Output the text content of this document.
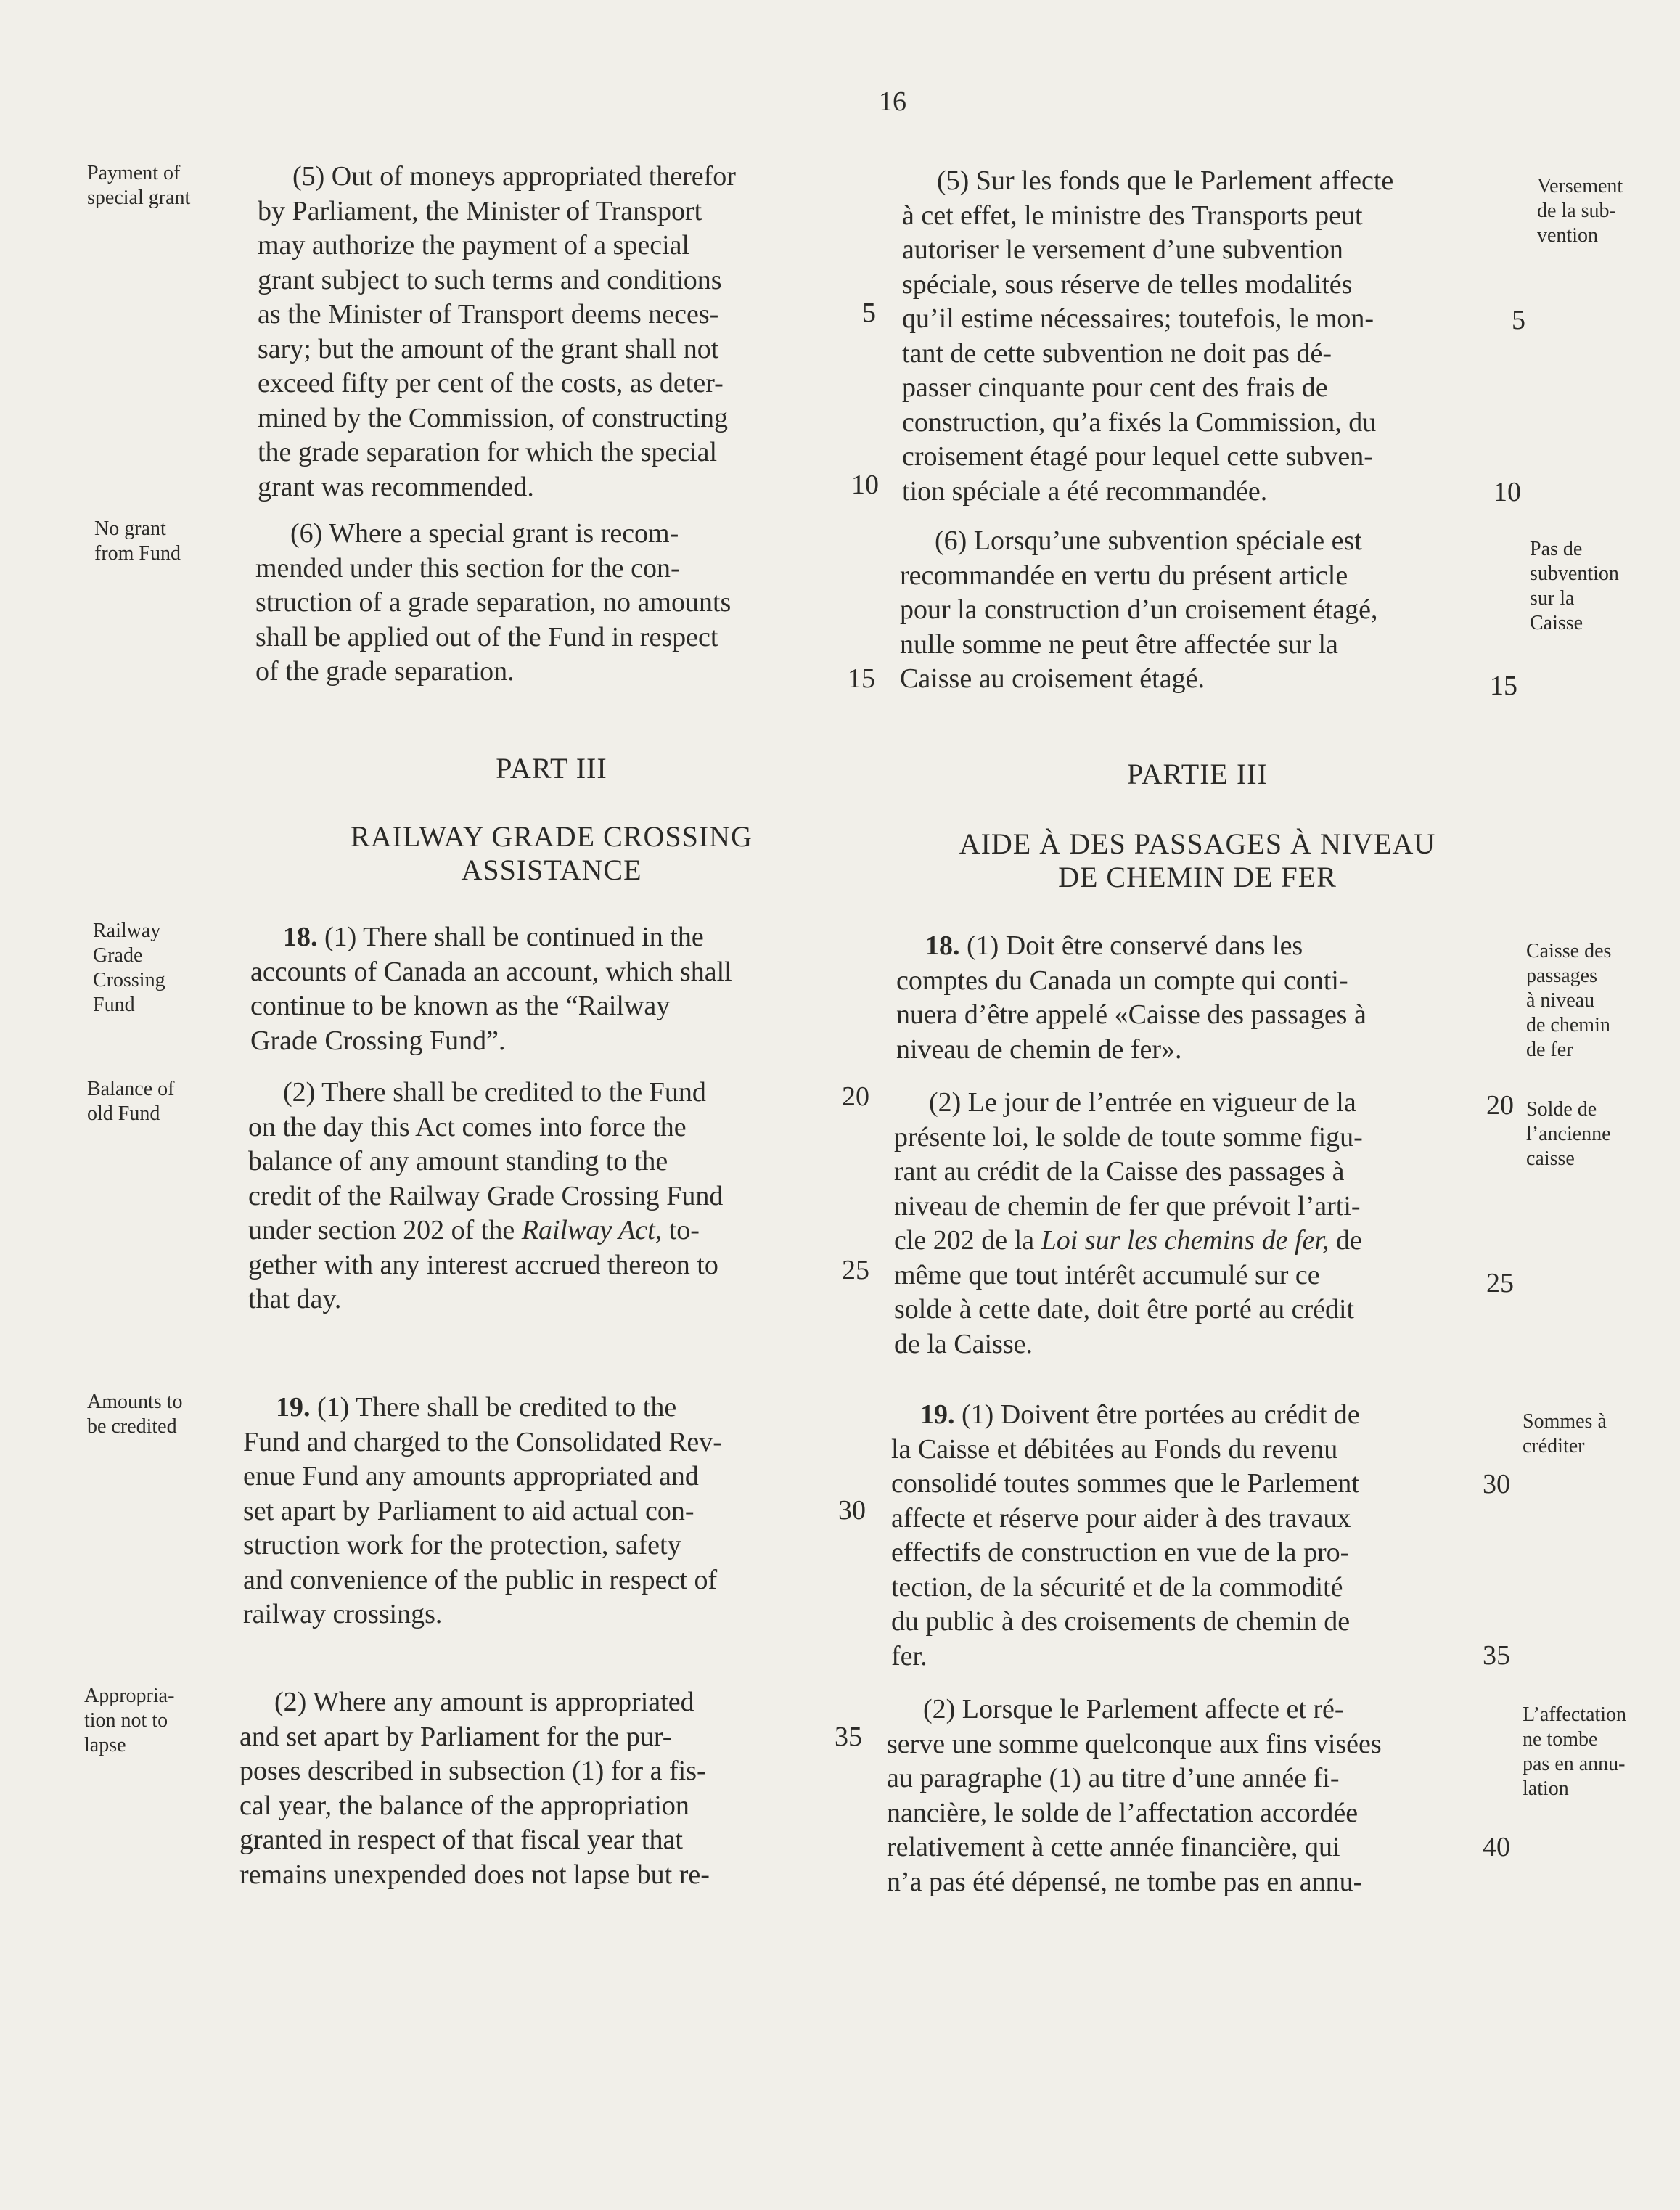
16
Payment of
special grant

(5) Out of moneys appropriated therefor
by Parliament, the Minister of Transport
may authorize the payment of a special
grant subject to such terms and conditions
as the Minister of Transport deems neces-
sary; but the amount of the grant shall not
exceed fifty per cent of the costs, as deter-
mined by the Commission, of constructing
the grade separation for which the special
grant was recommended.

5
10
No grant
from Fund

(6) Where a special grant is recom-
mended under this section for the con-
struction of a grade separation, no amounts
shall be applied out of the Fund in respect
of the grade separation.	15
PART III
RAILWAY GRADE CROSSING
ASSISTANCE
Railway
Grade
Crossing
Fund

18. (1) There shall be continued in the
accounts of Canada an account, which shall
continue to be known as the “Railway
Grade Crossing Fund”.

Balance of
old Fund

(2) There shall be credited to the Fund
on the day this Act comes into force the
balance of any amount standing to the
credit of the Railway Grade Crossing Fund
under section 202 of the Railway Act, to-
gether with any interest accrued thereon to
that day.

20
25
Amounts to
be credited

19. (1) There shall be credited to the
Fund and charged to the Consolidated Rev-
enue Fund any amounts appropriated and
set apart by Parliament to aid actual con-
struction work for the protection, safety
and convenience of the public in respect of
railway crossings.

30
Appropria-
tion not to
lapse

(2) Where any amount is appropriated
and set apart by Parliament for the pur-
poses described in subsection (1) for a fis-
cal year, the balance of the appropriation
granted in respect of that fiscal year that
remains unexpended does not lapse but re-

35

(5) Sur les fonds que le Parlement affecte
à cet effet, le ministre des Transports peut
autoriser le versement d’une subvention
spéciale, sous réserve de telles modalités
qu’il estime nécessaires; toutefois, le mon-
tant de cette subvention ne doit pas dé-
passer cinquante pour cent des frais de
construction, qu’a fixés la Commission, du
croisement étagé pour lequel cette subven-
tion spéciale a été recommandée.

Versement
de la sub-
vention
5
10

(6) Lorsqu’une subvention spéciale est
recommandée en vertu du présent article
pour la construction d’un croisement étagé,
nulle somme ne peut être affectée sur la
Caisse au croisement étagé.

Pas de
subvention
sur la
Caisse
15
PARTIE III
AIDE À DES PASSAGES À NIVEAU
DE CHEMIN DE FER

18. (1) Doit être conservé dans les
comptes du Canada un compte qui conti-
nuera d’être appelé «Caisse des passages à
niveau de chemin de fer».

Caisse des
passages
à niveau
de chemin
de fer

(2) Le jour de l’entrée en vigueur de la
présente loi, le solde de toute somme figu-
rant au crédit de la Caisse des passages à
niveau de chemin de fer que prévoit l’arti-
cle 202 de la Loi sur les chemins de fer, de
même que tout intérêt accumulé sur ce
solde à cette date, doit être porté au crédit
de la Caisse.

Solde de
l’ancienne
caisse
20
25

19. (1) Doivent être portées au crédit de
la Caisse et débitées au Fonds du revenu
consolidé toutes sommes que le Parlement
affecte et réserve pour aider à des travaux
effectifs de construction en vue de la pro-
tection, de la sécurité et de la commodité
du public à des croisements de chemin de
fer.

Sommes à
créditer
30
35

(2) Lorsque le Parlement affecte et ré-
serve une somme quelconque aux fins visées
au paragraphe (1) au titre d’une année fi-
nancière, le solde de l’affectation accordée
relativement à cette année financière, qui
n’a pas été dépensé, ne tombe pas en annu-

L’affectation
ne tombe
pas en annu-
lation
40
